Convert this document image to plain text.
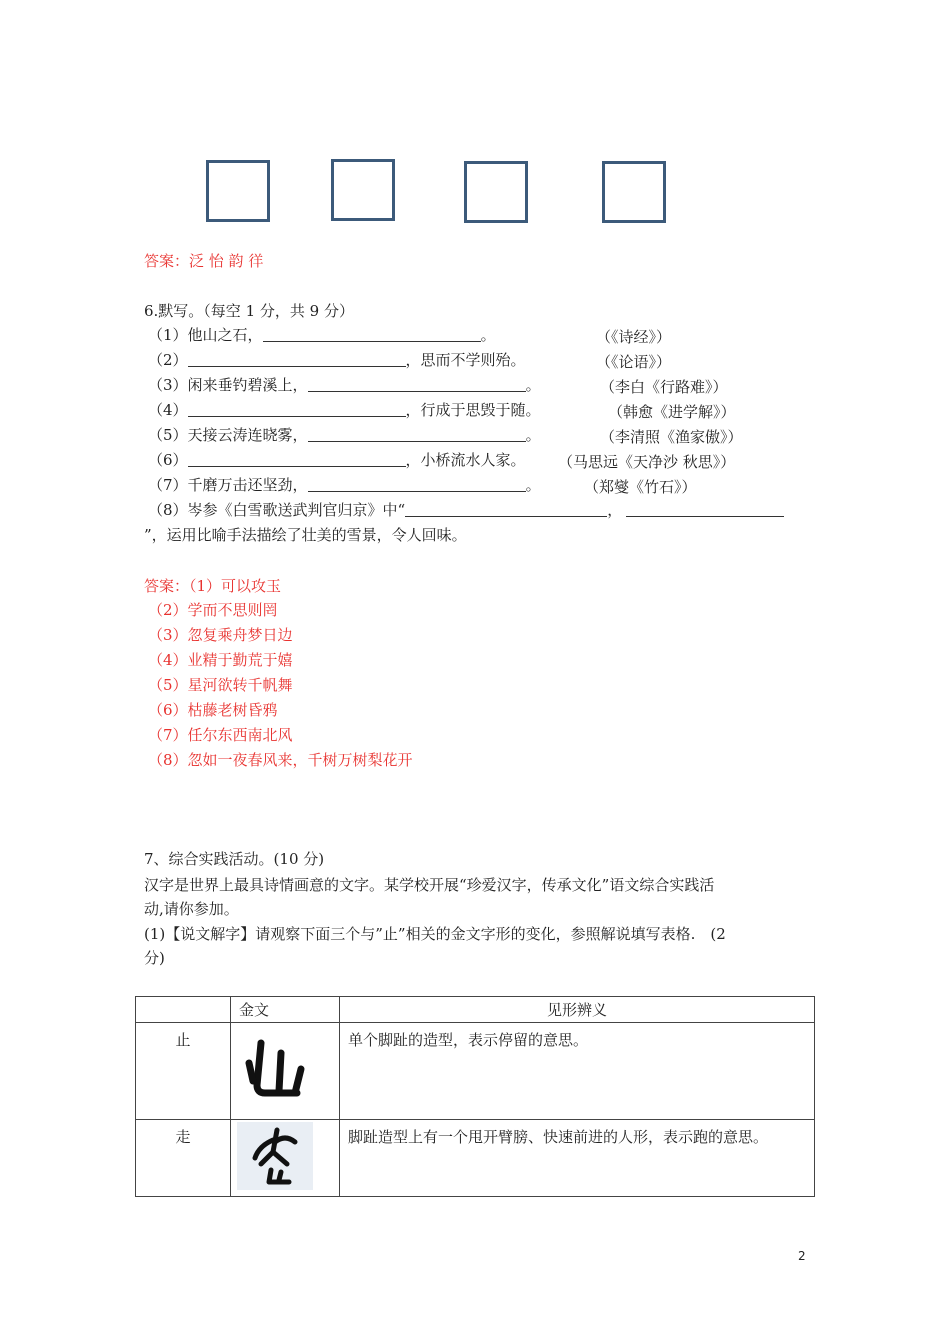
答案：泛 怡 韵 徉
6.默写。（每空 1 分，共 9 分）
（1）他山之石，	。	（《诗经》）
（2）	，思而不学则殆。	（《论语》）
（3）闲来垂钓碧溪上，	。	（李白《行路难》）
（4）	，行成于思毁于随。	（韩愈《进学解》）
（5）天接云涛连晓雾，	。	（李清照《渔家傲》）
（6）	，小桥流水人家。 （马思远《天净沙 秋思》）
（7）千磨万击还坚劲，	。	（郑燮《竹石》）
（8）岑参《白雪歌送武判官归京》中“	，
”，运用比喻手法描绘了壮美的雪景，令人回味。
答案：（1）可以攻玉
（2）学而不思则罔
（3）忽复乘舟梦日边
（4）业精于勤荒于嬉
（5）星河欲转千帆舞
（6）枯藤老树昏鸦
（7）任尔东西南北风
（8）忽如一夜春风来，千树万树梨花开
7、综合实践活动。(10 分)
汉字是世界上最具诗情画意的文字。某学校开展“珍爱汉字，传承文化”语文综合实践活
动,请你参加。
(1)【说文解字】请观察下面三个与”止”相关的金文字形的变化，参照解说填写表格.　(2
分)
	金文	见形辨义
止		单个脚趾的造型，表示停留的意思。
走		脚趾造型上有一个甩开臂膀、快速前进的人形，表示跑的意思。
2
